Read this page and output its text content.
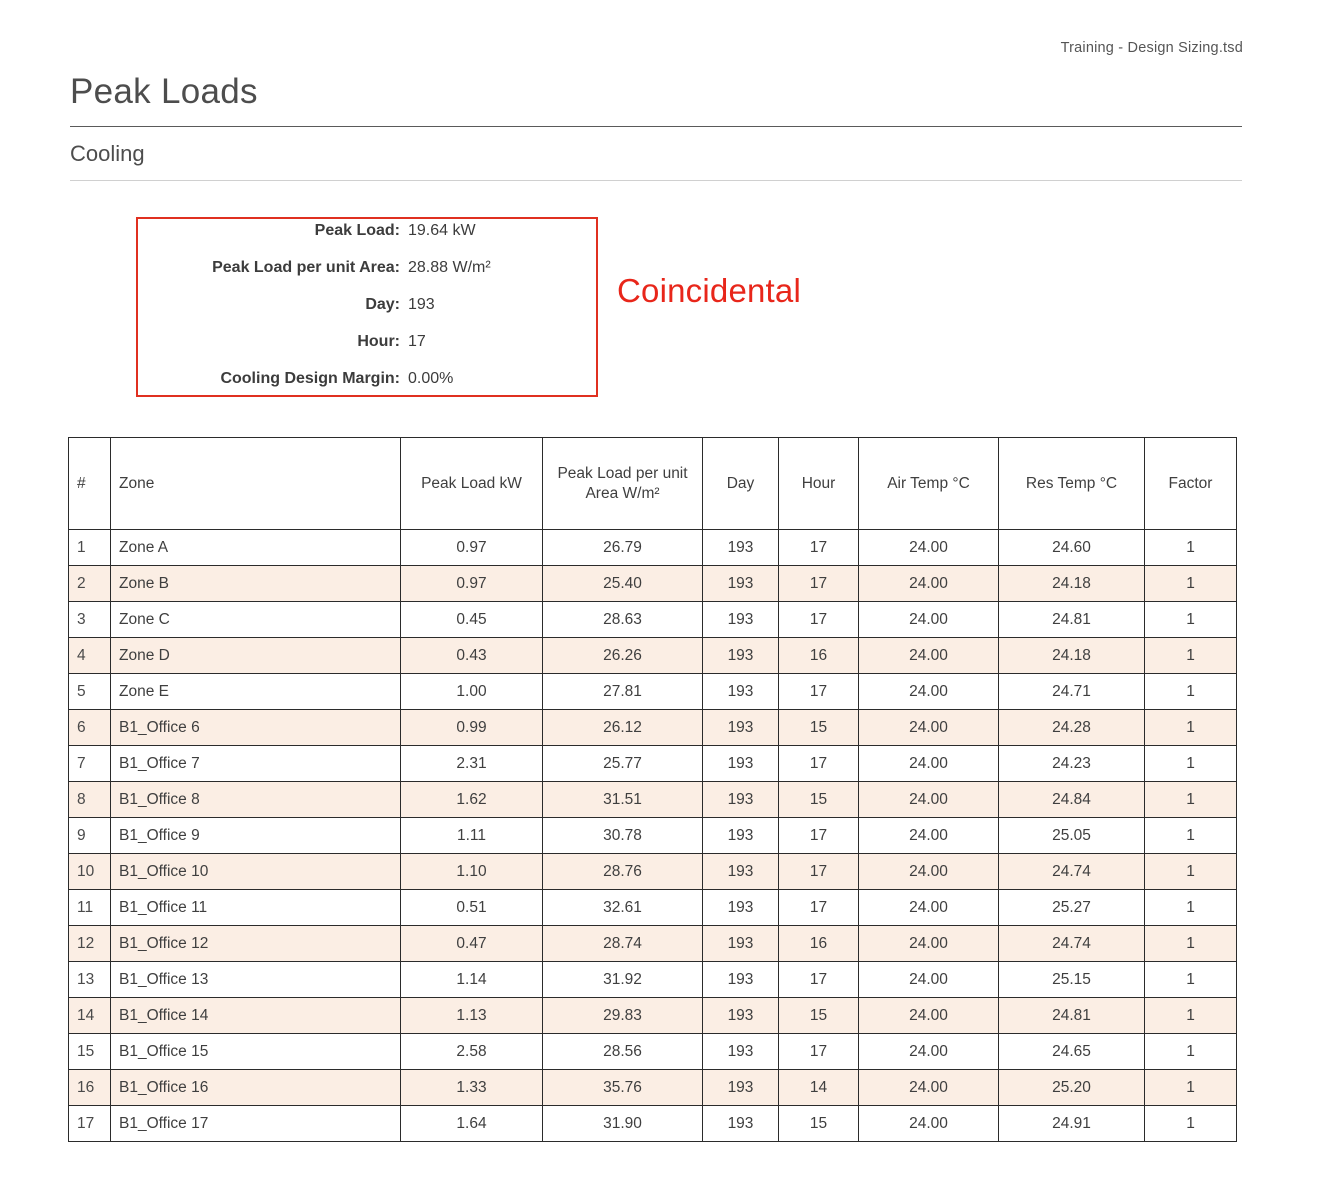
Training - Design Sizing.tsd
Peak Loads
Cooling
Peak Load: 19.64 kW
Peak Load per unit Area: 28.88 W/m²
Day: 193
Hour: 17
Cooling Design Margin: 0.00%
Coincidental
#	Zone	Peak Load kW	Peak Load per unit Area W/m²	Day	Hour	Air Temp °C	Res Temp °C	Factor
1	Zone A	0.97	26.79	193	17	24.00	24.60	1
2	Zone B	0.97	25.40	193	17	24.00	24.18	1
3	Zone C	0.45	28.63	193	17	24.00	24.81	1
4	Zone D	0.43	26.26	193	16	24.00	24.18	1
5	Zone E	1.00	27.81	193	17	24.00	24.71	1
6	B1_Office 6	0.99	26.12	193	15	24.00	24.28	1
7	B1_Office 7	2.31	25.77	193	17	24.00	24.23	1
8	B1_Office 8	1.62	31.51	193	15	24.00	24.84	1
9	B1_Office 9	1.11	30.78	193	17	24.00	25.05	1
10	B1_Office 10	1.10	28.76	193	17	24.00	24.74	1
11	B1_Office 11	0.51	32.61	193	17	24.00	25.27	1
12	B1_Office 12	0.47	28.74	193	16	24.00	24.74	1
13	B1_Office 13	1.14	31.92	193	17	24.00	25.15	1
14	B1_Office 14	1.13	29.83	193	15	24.00	24.81	1
15	B1_Office 15	2.58	28.56	193	17	24.00	24.65	1
16	B1_Office 16	1.33	35.76	193	14	24.00	25.20	1
17	B1_Office 17	1.64	31.90	193	15	24.00	24.91	1
